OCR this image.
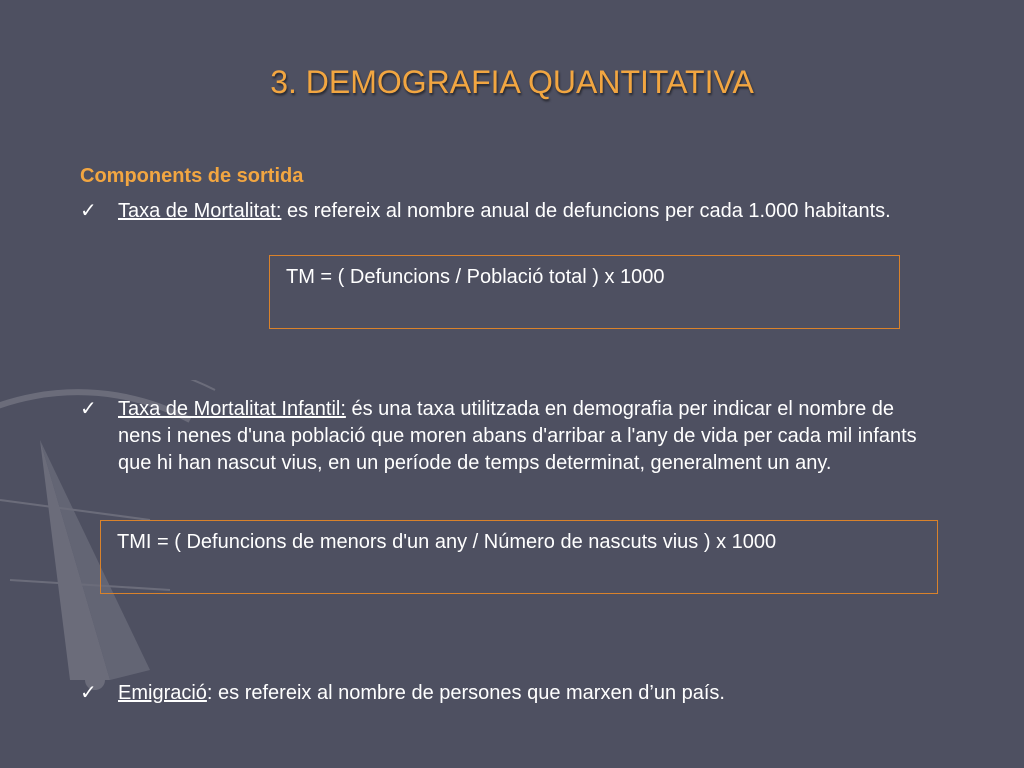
3. DEMOGRAFIA QUANTITATIVA
Components de sortida
✓	Taxa de Mortalitat: es refereix al nombre anual de defuncions per cada 1.000 habitants.
TM = ( Defuncions / Població total ) x 1000
✓	Taxa de Mortalitat Infantil: és una taxa utilitzada en demografia per indicar el nombre de nens i nenes d'una població que moren abans d'arribar a l'any de vida per cada mil infants que hi han nascut vius, en un període de temps determinat, generalment un any.
TMI = ( Defuncions de menors d'un any / Número de nascuts vius ) x 1000
✓	Emigració: es refereix al nombre de persones que marxen d’un país.
